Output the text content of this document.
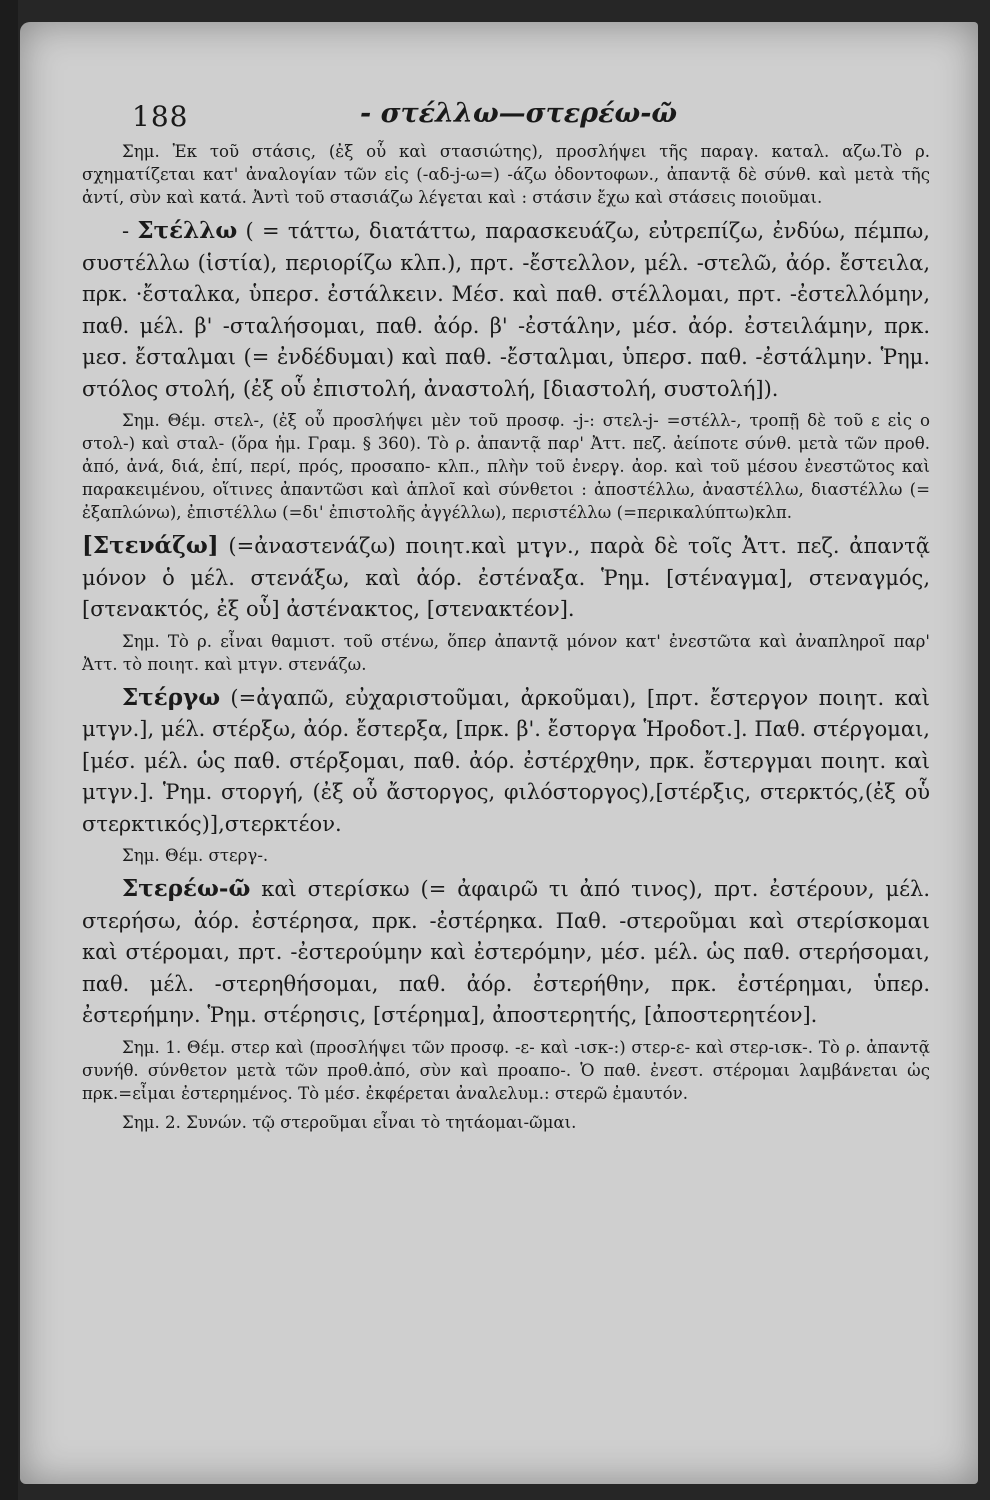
188	- στέλλω—στερέω-ῶ

Σημ. Ἐκ τοῦ στάσις, (ἐξ οὗ καὶ στασιώτης), προσλήψει τῆς παραγ. καταλ. αζω.Τὸ ρ. σχηματίζεται κατ' ἀναλογίαν τῶν εἰς (-αδ-j-ω=) -άζω ὀδοντοφων., ἀπαντᾷ δὲ σύνθ. καὶ μετὰ τῆς ἀντί, σὺν καὶ κατά. Ἀντὶ τοῦ στασιάζω λέγεται καὶ : στάσιν ἔχω καὶ στάσεις ποιοῦμαι.

- Στέλλω ( = τάττω, διατάττω, παρασκευάζω, εὐτρεπίζω, ἐνδύω, πέμπω, συστέλλω (ἱστία), περιορίζω κλπ.), πρτ. -ἔστελλον, μέλ. -στελῶ, ἀόρ. ἔστειλα, πρκ. ·ἔσταλκα, ὑπερσ. ἐστάλκειν. Μέσ. καὶ παθ. στέλλομαι, πρτ. -ἐστελλόμην, παθ. μέλ. β' -σταλήσομαι, παθ. ἀόρ. β' -ἐστάλην, μέσ. ἀόρ. ἐστειλάμην, πρκ. μεσ. ἔσταλμαι (= ἐνδέδυμαι) καὶ παθ. -ἔσταλμαι, ὑπερσ. παθ. -ἐστάλμην. Ῥημ. στόλος στολή, (ἐξ οὗ ἐπιστολή, ἀναστολή, [διαστολή, συστολή]).

Σημ. Θέμ. στελ-, (ἐξ οὗ προσλήψει μὲν τοῦ προσφ. -j-: στελ-j- =στέλλ-, τροπῇ δὲ τοῦ ε εἰς ο στολ-) καὶ σταλ- (ὅρα ἡμ. Γραμ. § 360). Τὸ ρ. ἀπαντᾷ παρ' Ἀττ. πεζ. ἀείποτε σύνθ. μετὰ τῶν προθ. ἀπό, ἀνά, διά, ἐπί, περί, πρός, προσαπο- κλπ., πλὴν τοῦ ἐνεργ. ἀορ. καὶ τοῦ μέσου ἐνεστῶτος καὶ παρακειμένου, οἵτινες ἀπαντῶσι καὶ ἁπλοῖ καὶ σύνθετοι : ἀποστέλλω, ἀναστέλλω, διαστέλλω (= ἐξαπλώνω), ἐπιστέλλω (=δι' ἐπιστολῆς ἀγγέλλω), περιστέλλω (=περικαλύπτω)κλπ.

[Στενάζω] (=ἀναστενάζω) ποιητ.καὶ μτγν., παρὰ δὲ τοῖς Ἀττ. πεζ. ἀπαντᾷ μόνον ὁ μέλ. στενάξω, καὶ ἀόρ. ἐστέναξα. Ῥημ. [στέναγμα], στεναγμός, [στενακτός, ἐξ οὗ] ἀστένακτος, [στενακτέον].

Σημ. Τὸ ρ. εἶναι θαμιστ. τοῦ στένω, ὅπερ ἀπαντᾷ μόνον κατ' ἐνεστῶτα καὶ ἀναπληροῖ παρ' Ἀττ. τὸ ποιητ. καὶ μτγν. στενάζω.

Στέργω (=ἀγαπῶ, εὐχαριστοῦμαι, ἀρκοῦμαι), [πρτ. ἔστεργον ποιητ. καὶ μτγν.], μέλ. στέρξω, ἀόρ. ἔστερξα, [πρκ. β'. ἔστοργα Ἡροδοτ.]. Παθ. στέργομαι, [μέσ. μέλ. ὡς παθ. στέρξομαι, παθ. ἀόρ. ἐστέρχθην, πρκ. ἔστεργμαι ποιητ. καὶ μτγν.]. Ῥημ. στοργή, (ἐξ οὗ ἄστοργος, φιλόστοργος),[στέρξις, στερκτός,(ἐξ οὗ στερκτικός)],στερκτέον.

Σημ. Θέμ. στεργ-.

Στερέω-ῶ καὶ στερίσκω (= ἀφαιρῶ τι ἀπό τινος), πρτ. ἐστέρουν, μέλ. στερήσω, ἀόρ. ἐστέρησα, πρκ. -ἐστέρηκα. Παθ. -στεροῦμαι καὶ στερίσκομαι καὶ στέρομαι, πρτ. -ἐστερούμην καὶ ἐστερόμην, μέσ. μέλ. ὡς παθ. στερήσομαι, παθ. μέλ. -στερηθήσομαι, παθ. ἀόρ. ἐστερήθην, πρκ. ἐστέρημαι, ὑπερ. ἐστερήμην. Ῥημ. στέρησις, [στέρημα], ἀποστερητής, [ἀποστερητέον].

Σημ. 1. Θέμ. στερ καὶ (προσλήψει τῶν προσφ. -ε- καὶ -ισκ-:) στερ-ε- καὶ στερ-ισκ-. Τὸ ρ. ἀπαντᾷ συνήθ. σύνθετον μετὰ τῶν προθ.ἀπό, σὺν καὶ προαπο-. Ὁ παθ. ἐνεστ. στέρομαι λαμβάνεται ὡς πρκ.=εἶμαι ἐστερημένος. Τὸ μέσ. ἐκφέρεται ἀναλελυμ.: στερῶ ἐμαυτόν.

Σημ. 2. Συνών. τῷ στεροῦμαι εἶναι τὸ τητάομαι-ῶμαι.
